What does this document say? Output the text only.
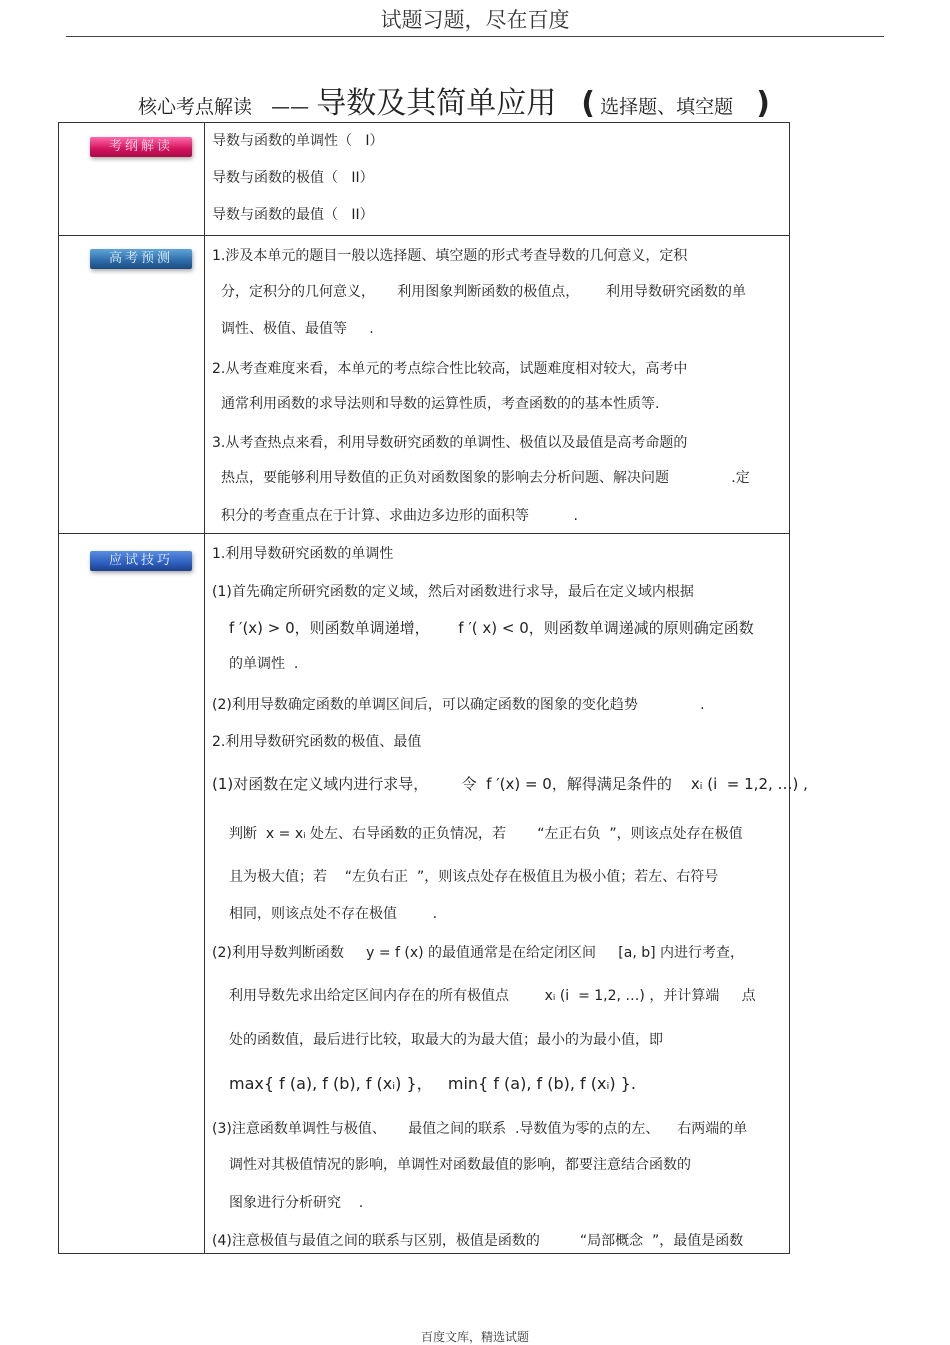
试题习题，尽在百度
核心考点解读 —— 导数及其简单应用 ( 选择题、填空题 )
考纲解读	导数与函数的单调性（   I）
导数与函数的极值（   II）
导数与函数的最值（   II）
高考预测	1.涉及本单元的题目一般以选择题、填空题的形式考查导数的几何意义，定积
分，定积分的几何意义，     利用图象判断函数的极值点，      利用导数研究函数的单
调性、极值、最值等     .
2.从考查难度来看，本单元的考点综合性比较高，试题难度相对较大，高考中
通常利用函数的求导法则和导数的运算性质，考查函数的的基本性质等.
3.从考查热点来看，利用导数研究函数的单调性、极值以及最值是高考命题的
热点，要能够利用导数值的正负对函数图象的影响去分析问题、解决问题              .定
积分的考查重点在于计算、求曲边多边形的面积等          .
应试技巧	1.利用导数研究函数的单调性
(1)首先确定所研究函数的定义域，然后对函数进行求导，最后在定义域内根据
f ′(x) > 0，则函数单调递增，      f ′( x) < 0，则函数单调递减的原则确定函数
的单调性  .
(2)利用导数确定函数的单调区间后，可以确定函数的图象的变化趋势              .
2.利用导数研究函数的极值、最值
(1)对函数在定义域内进行求导，       令  f ′(x) = 0，解得满足条件的    xᵢ (i  = 1,2, …) ,
判断  x = xᵢ 处左、右导函数的正负情况，若       “左正右负  ”，则该点处存在极值
且为极大值；若    “左负右正  ”，则该点处存在极值且为极小值；若左、右符号
相同，则该点处不存在极值        .
(2)利用导数判断函数     y = f (x) 的最值通常是在给定闭区间     [a, b] 内进行考查，
利用导数先求出给定区间内存在的所有极值点        xᵢ (i  = 1,2, …) ，并计算端     点
处的函数值，最后进行比较，取最大的为最大值；最小的为最小值，即
max{ f (a), f (b), f (xᵢ) }，   min{ f (a), f (b), f (xᵢ) }.
(3)注意函数单调性与极值、     最值之间的联系  .导数值为零的点的左、    右两端的单
调性对其极值情况的影响，单调性对函数最值的影响，都要注意结合函数的
图象进行分析研究    .
(4)注意极值与最值之间的联系与区别，极值是函数的         “局部概念  ”，最值是函数
百度文库，精选试题
